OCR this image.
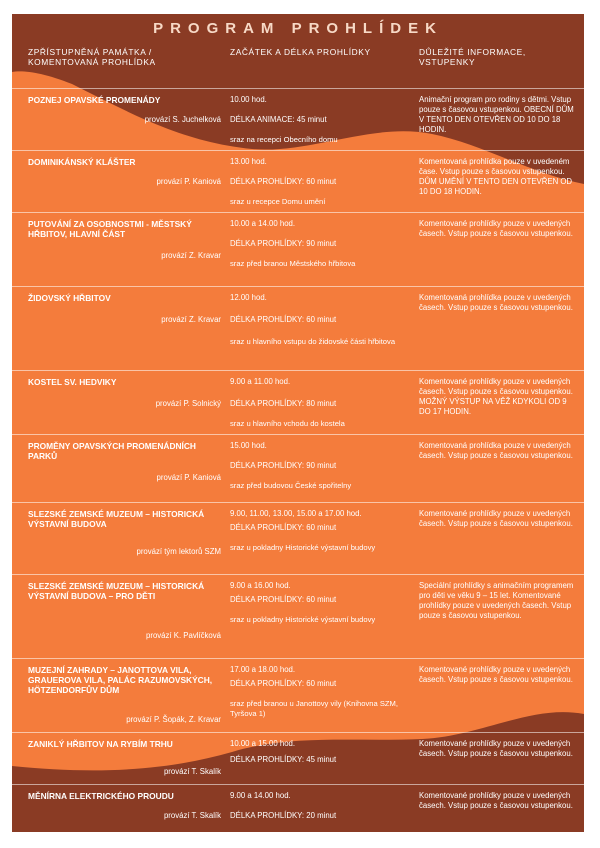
PROGRAM PROHLÍDEK
ZPŘÍSTUPNĚNÁ PAMÁTKA / KOMENTOVANÁ PROHLÍDKA
ZAČÁTEK A DÉLKA PROHLÍDKY	DŮLEŽITÉ INFORMACE, VSTUPENKY
POZNEJ OPAVSKÉ PROMENÁDY
provází S. Juchelková
10.00 hod.
DÉLKA ANIMACE: 45 minut
sraz na recepci Obecního domu
Animační program pro rodiny s dětmi. Vstup pouze s časovou vstupenkou. OBECNÍ DŮM V TENTO DEN OTEVŘEN OD 10 DO 18 HODIN.
DOMINIKÁNSKÝ KLÁŠTER
provází P. Kaniová
13.00 hod.
DÉLKA PROHLÍDKY: 60 minut
sraz u recepce Domu umění
Komentovaná prohlídka pouze v uvedeném čase. Vstup pouze s časovou vstupenkou. DŮM UMĚNÍ V TENTO DEN OTEVŘEN OD 10 DO 18 HODIN.
PUTOVÁNÍ ZA OSOBNOSTMI - MĚSTSKÝ HŘBITOV, HLAVNÍ ČÁST
provází Z. Kravar
10.00 a 14.00 hod.
DÉLKA PROHLÍDKY: 90 minut
sraz před branou Městského hřbitova
Komentované prohlídky pouze v uvedených časech. Vstup pouze s časovou vstupenkou.
ŽIDOVSKÝ HŘBITOV
provází Z. Kravar
12.00 hod.
DÉLKA PROHLÍDKY: 60 minut
sraz u hlavního vstupu do židovské části hřbitova
Komentovaná prohlídka pouze v uvedených časech. Vstup pouze s časovou vstupenkou.
KOSTEL SV. HEDVIKY
provází P. Solnický
9.00 a 11.00 hod.
DÉLKA PROHLÍDKY: 80 minut
sraz u hlavního vchodu do kostela
Komentované prohlídky pouze v uvedených časech. Vstup pouze s časovou vstupenkou. MOŽNÝ VÝSTUP NA VĚŽ KDYKOLI OD 9 DO 17 HODIN.
PROMĚNY OPAVSKÝCH PROMENÁDNÍCH PARKŮ
provází P. Kaniová
15.00 hod.
DÉLKA PROHLÍDKY: 90 minut
sraz před budovou České spořitelny
Komentovaná prohlídka pouze v uvedených časech. Vstup pouze s časovou vstupenkou.
SLEZSKÉ ZEMSKÉ MUZEUM – HISTORICKÁ VÝSTAVNÍ BUDOVA
provází tým lektorů SZM
9.00, 11.00, 13.00, 15.00 a 17.00 hod.
DÉLKA PROHLÍDKY: 60 minut
sraz u pokladny Historické výstavní budovy
Komentované prohlídky pouze v uvedených časech. Vstup pouze s časovou vstupenkou.
SLEZSKÉ ZEMSKÉ MUZEUM – HISTORICKÁ VÝSTAVNÍ BUDOVA – PRO DĚTI
provází K. Pavlíčková
9.00 a 16.00 hod.
DÉLKA PROHLÍDKY: 60 minut
sraz u pokladny Historické výstavní budovy
Speciální prohlídky s animačním programem pro děti ve věku 9 – 15 let. Komentované prohlídky pouze v uvedených časech. Vstup pouze s časovou vstupenkou.
MUZEJNÍ ZAHRADY – JANOTTOVA VILA, GRAUEROVA VILA, PALÁC RAZUMOVSKÝCH, HÖTZENDORFŮV DŮM
provází P. Šopák, Z. Kravar
17.00 a 18.00 hod.
DÉLKA PROHLÍDKY: 60 minut
sraz před branou u Janottovy vily (Knihovna SZM, Tyršova 1)
Komentované prohlídky pouze v uvedených časech. Vstup pouze s časovou vstupenkou.
ZANIKLÝ HŘBITOV NA RYBÍM TRHU
provází T. Skalík
10.00 a 15.00 hod.
DÉLKA PROHLÍDKY: 45 minut
Komentované prohlídky pouze v uvedených časech. Vstup pouze s časovou vstupenkou.
MĚNÍRNA ELEKTRICKÉHO PROUDU
provází T. Skalík
9.00 a 14.00 hod.
DÉLKA PROHLÍDKY: 20 minut
Komentované prohlídky pouze v uvedených časech. Vstup pouze s časovou vstupenkou.
